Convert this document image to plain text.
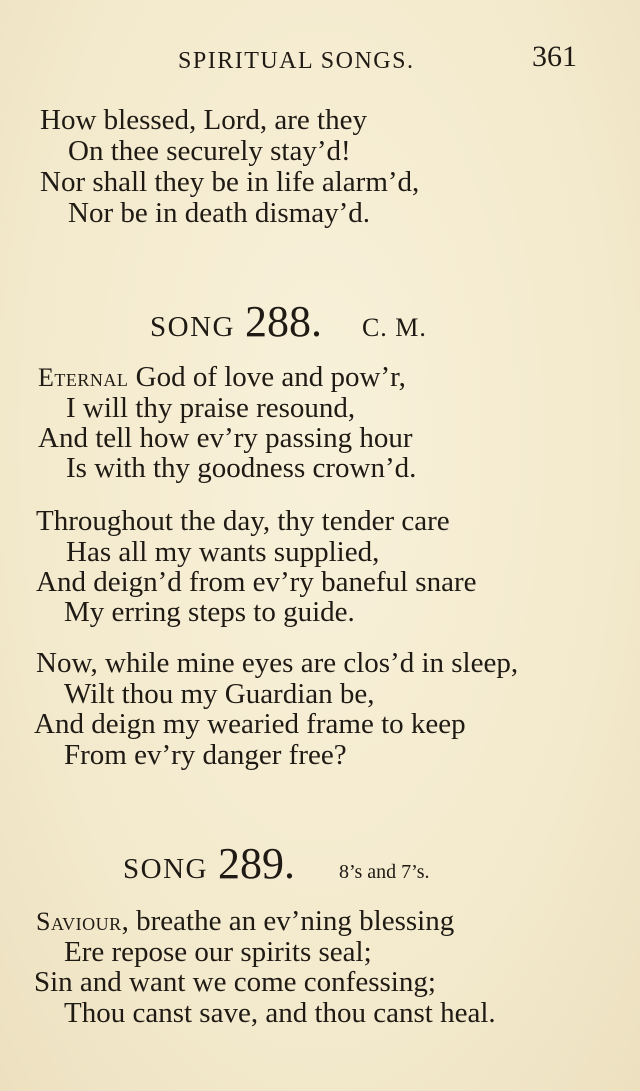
SPIRITUAL SONGS.	361
How blessed, Lord, are they
On thee securely stay’d!
Nor shall they be in life alarm’d,
Nor be in death dismay’d.
SONG 288. C. M.
Eternal God of love and pow’r,
I will thy praise resound,
And tell how ev’ry passing hour
Is with thy goodness crown’d.
Throughout the day, thy tender care
Has all my wants supplied,
And deign’d from ev’ry baneful snare
My erring steps to guide.
Now, while mine eyes are clos’d in sleep,
Wilt thou my Guardian be,
And deign my wearied frame to keep
From ev’ry danger free?
SONG 289. 8’s and 7’s.
Saviour, breathe an ev’ning blessing
Ere repose our spirits seal;
Sin and want we come confessing;
Thou canst save, and thou canst heal.
